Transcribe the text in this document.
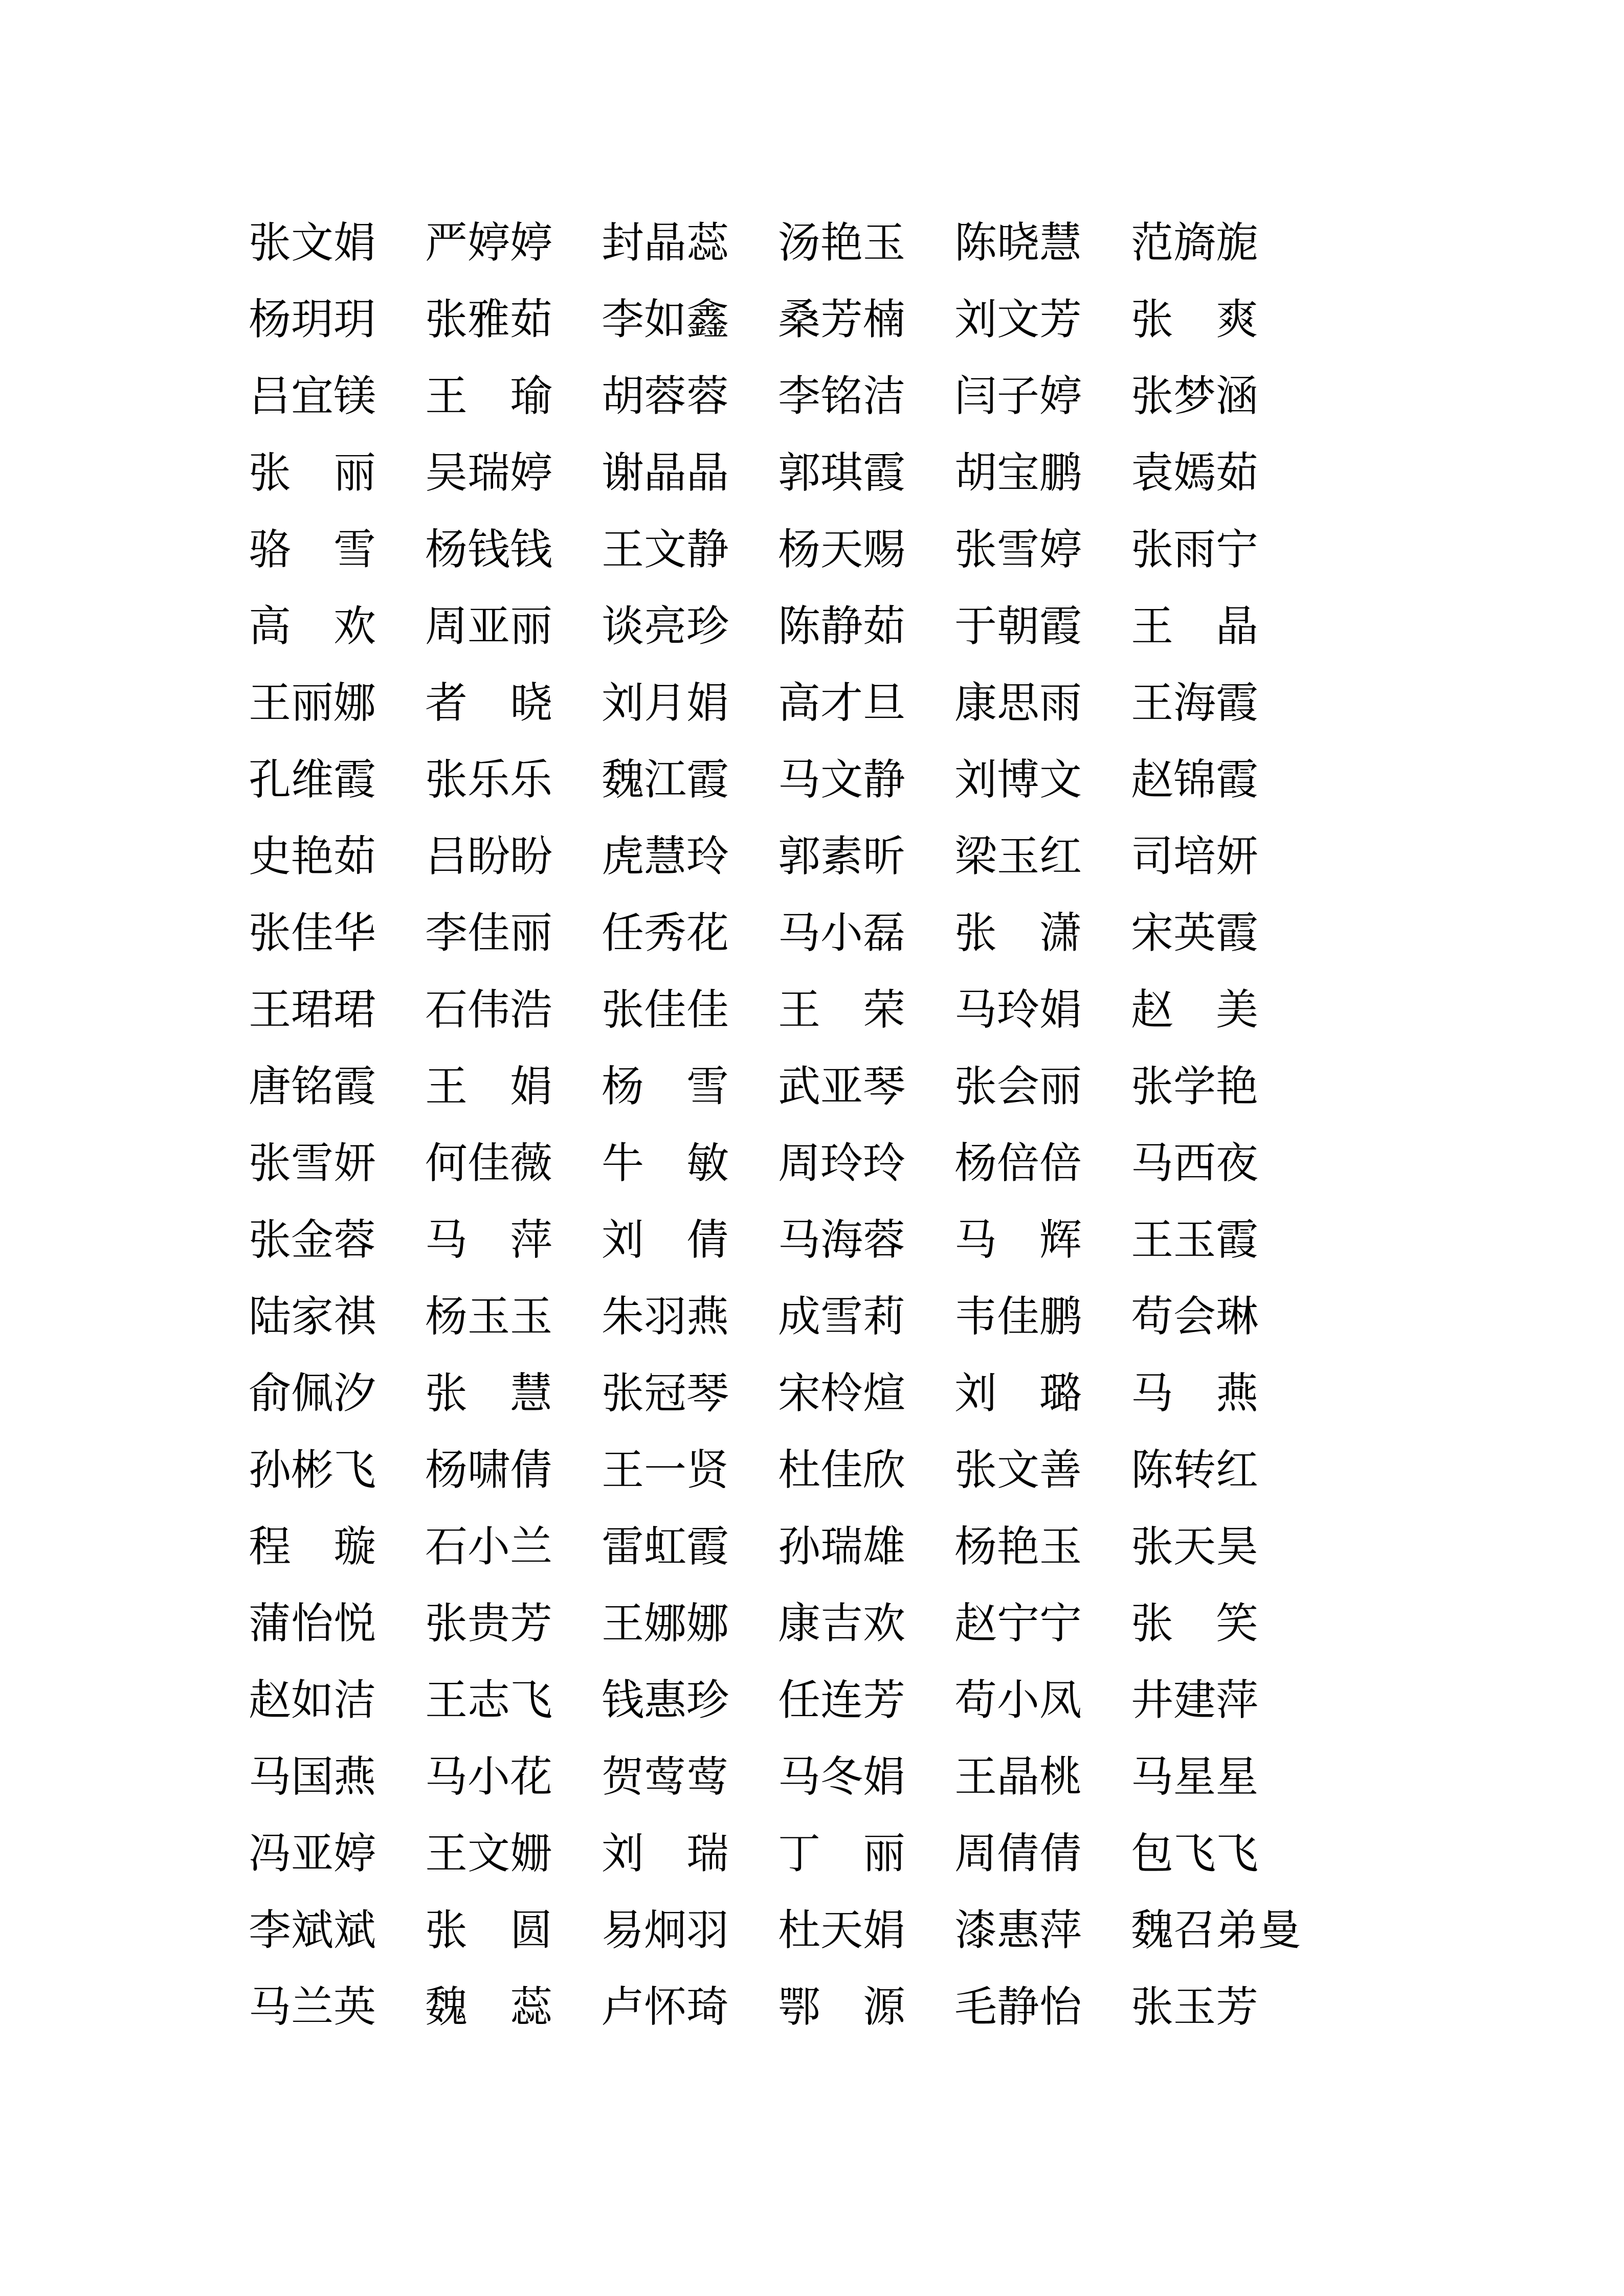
张文娟	严婷婷	封晶蕊	汤艳玉	陈晓慧	范旖旎
杨玥玥	张雅茹	李如鑫	桑芳楠	刘文芳	张　爽
吕宜镁	王　瑜	胡蓉蓉	李铭洁	闫子婷	张梦涵
张　丽	吴瑞婷	谢晶晶	郭琪霞	胡宝鹏	袁嫣茹
骆　雪	杨钱钱	王文静	杨天赐	张雪婷	张雨宁
高　欢	周亚丽	谈亮珍	陈静茹	于朝霞	王　晶
王丽娜	者　晓	刘月娟	高才旦	康思雨	王海霞
孔维霞	张乐乐	魏江霞	马文静	刘博文	赵锦霞
史艳茹	吕盼盼	虎慧玲	郭素昕	梁玉红	司培妍
张佳华	李佳丽	任秀花	马小磊	张　潇	宋英霞
王珺珺	石伟浩	张佳佳	王　荣	马玲娟	赵　美
唐铭霞	王　娟	杨　雪	武亚琴	张会丽	张学艳
张雪妍	何佳薇	牛　敏	周玲玲	杨倍倍	马西夜
张金蓉	马　萍	刘　倩	马海蓉	马　辉	王玉霞
陆家祺	杨玉玉	朱羽燕	成雪莉	韦佳鹏	苟会琳
俞佩汐	张　慧	张冠琴	宋柃煊	刘　璐	马　燕
孙彬飞	杨啸倩	王一贤	杜佳欣	张文善	陈转红
程　璇	石小兰	雷虹霞	孙瑞雄	杨艳玉	张天昊
蒲怡悦	张贵芳	王娜娜	康吉欢	赵宁宁	张　笑
赵如洁	王志飞	钱惠珍	任连芳	苟小凤	井建萍
马国燕	马小花	贺莺莺	马冬娟	王晶桃	马星星
冯亚婷	王文姗	刘　瑞	丁　丽	周倩倩	包飞飞
李斌斌	张　圆	易炯羽	杜天娟	漆惠萍	魏召弟曼
马兰英	魏　蕊	卢怀琦	鄂　源	毛静怡	张玉芳
